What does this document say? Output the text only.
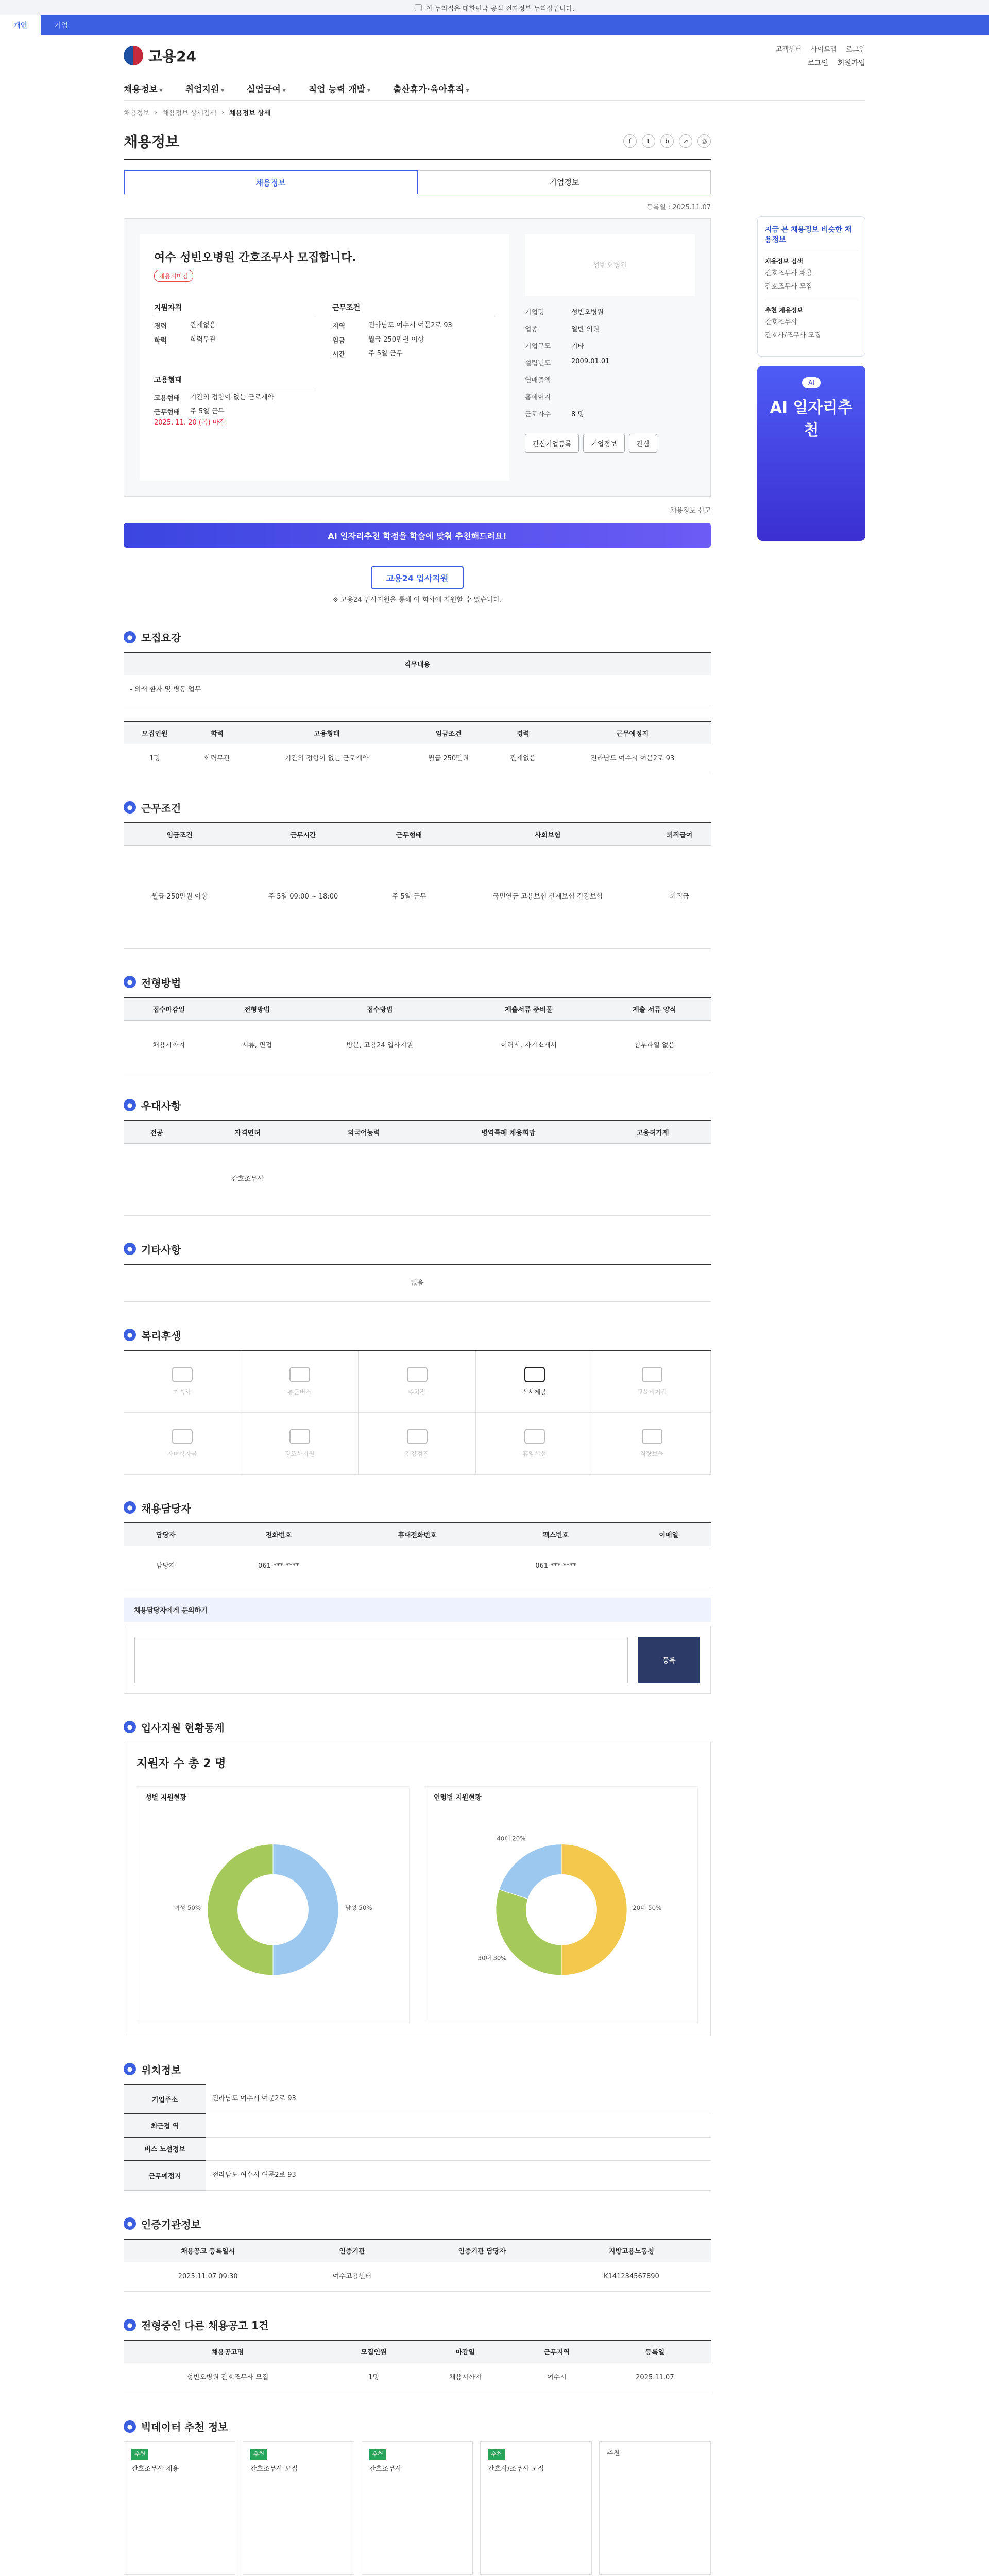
이 누리집은 대한민국 공식 전자정부 누리집입니다.
개인	기업
고용24	고객센터 사이트맵 로그인
로그인 회원가입
채용정보 ▾	취업지원 ▾	실업급여 ▾	직업 능력 개발 ▾	출산휴가·육아휴직 ▾
채용정보 › 채용정보 상세검색 › 채용정보 상세
지금 본 채용정보 비슷한 채용정보
채용정보 검색

간호조무사 채용

간호조무사 모집

추천 채용정보

간호조무사

간호사/조무사 모집

AI
AI 일자리추천
채용정보	f	t	b	↗	⎙
채용정보	기업정보
등록일 : 2025.11.07
여수 성빈오병원 간호조무사 모집합니다.
채용시마감
지원자격
경력	관계없음
학력	학력무관
근무조건
지역	전라남도 여수시 여문2로 93
임금	월급 250만원 이상
시간	주 5일 근무
고용형태
고용형태	기간의 정함이 없는 근로계약
근무형태	주 5일 근무

2025. 11. 20 (목) 마감

성빈오병원
기업명	성빈오병원
업종	일반 의원
기업규모	기타
설립년도	2009.01.01
연매출액
홈페이지
근로자수	8 명
관심기업등록	기업정보	관심
채용정보 신고
AI 일자리추천 학점을 학습에 맞춰 추천해드려요!
고용24 입사지원
※ 고용24 입사지원을 통해 이 회사에 지원할 수 있습니다.
● 모집요강
직무내용
- 외래 환자 및 병동 업무
모집인원	학력	고용형태	임금조건	경력	근무예정지
1명	학력무관	기간의 정함이 없는 근로계약	월급 250만원	관계없음	전라남도 여수시 여문2로 93
● 근무조건
임금조건	근무시간	근무형태	사회보험	퇴직급여
월급 250만원 이상	주 5일 09:00 ~ 18:00	주 5일 근무	국민연금 고용보험 산재보험 건강보험	퇴직금
● 전형방법
접수마감일	전형방법	접수방법	제출서류 준비물	제출 서류 양식
채용시까지	서류, 면접	방문, 고용24 입사지원	이력서, 자기소개서	첨부파일 없음
● 우대사항
전공	자격면허	외국어능력	병역특례 채용희망	고용허가제
	간호조무사			
● 기타사항
없음
● 복리후생
기숙사	통근버스	주차장	식사제공	교육비지원
자녀학자금	경조사지원	건강검진	휴양시설	직장보육
● 채용담당자
담당자	전화번호	휴대전화번호	팩스번호	이메일
담당자	061-***-****		061-***-****	
채용담당자에게 문의하기
등록
● 입사지원 현황통계
지원자 수 총 2 명
성별 지원현황
남성 50%
여성 50%
연령별 지원현황
20대 50%
30대 30%
40대 20%
● 위치정보
기업주소	전라남도 여수시 여문2로 93
최근접 역	
버스 노선정보	
근무예정지	전라남도 여수시 여문2로 93
● 인증기관정보
채용공고 등록일시	인증기관	인증기관 담당자	지방고용노동청
2025.11.07 09:30	여수고용센터		K141234567890
● 전형중인 다른 채용공고 1건
채용공고명	모집인원	마감일	근무지역	등록일
성빈오병원 간호조무사 모집	1명	채용시까지	여수시	2025.11.07
● 빅데이터 추천 정보
추천

간호조무사 채용

추천

간호조무사 모집

추천

간호조무사

추천

간호사/조무사 모집

추천
